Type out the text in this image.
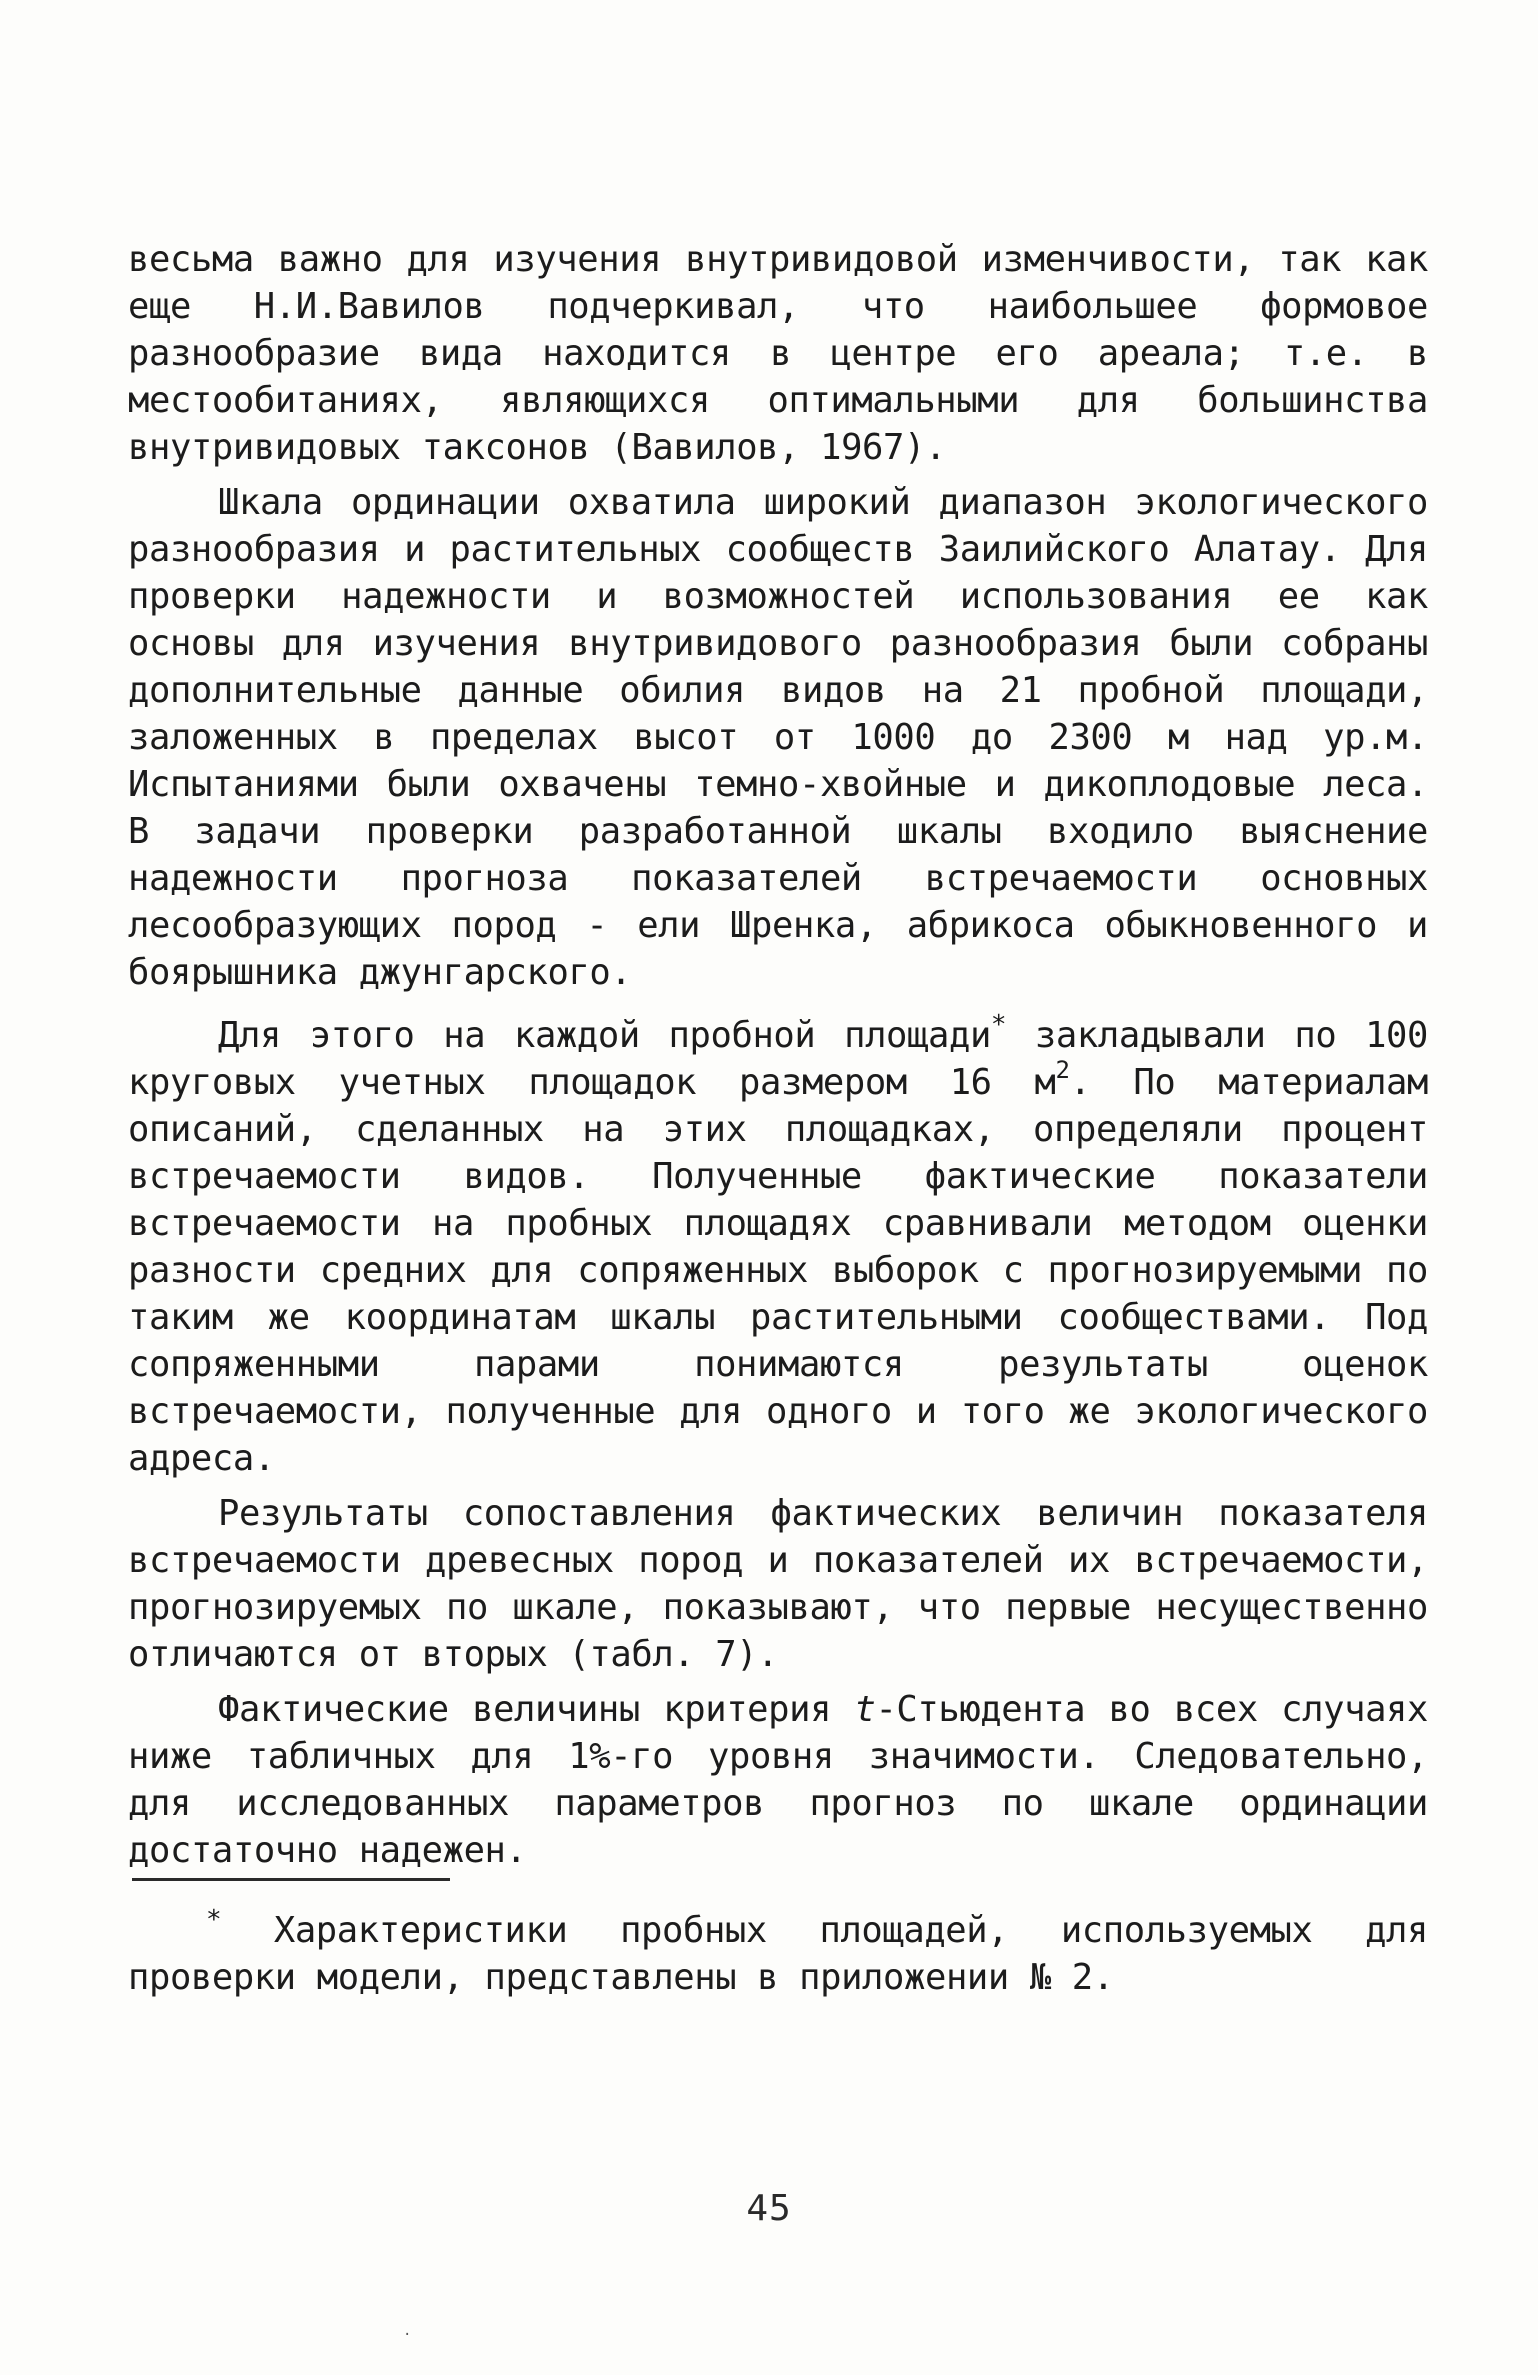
весьма важно для изучения внутривидовой изменчивости, так как еще Н.И.Вавилов подчеркивал, что наибольшее формовое разнообразие вида находится в центре его ареала; т.е. в местообитаниях, являющихся оптимальными для большинства внутривидовых таксонов (Вавилов, 1967).

Шкала ординации охватила широкий диапазон экологического разнообразия и растительных сообществ Заилийского Алатау. Для проверки надежности и возможностей использования ее как основы для изучения внутривидового разнообразия были собраны дополнительные данные обилия видов на 21 пробной площади, заложенных в пределах высот от 1000 до 2300 м над ур.м. Испытаниями были охвачены темно-хвойные и дикоплодовые леса. В задачи проверки разработанной шкалы входило выяснение надежности прогноза показателей встречаемости основных лесообразующих пород - ели Шренка, абрикоса обыкновенного и боярышника джунгарского.

Для этого на каждой пробной площади* закладывали по 100 круговых учетных площадок размером 16 $м^2$. По материалам описаний, сделанных на этих площадках, определяли процент встречаемости видов. Полученные фактические показатели встречаемости на пробных площадях сравнивали методом оценки разности средних для сопряженных выборок с прогнозируемыми по таким же координатам шкалы растительными сообществами. Под сопряженными парами понимаются результаты оценок встречаемости, полученные для одного и того же экологического адреса.

Результаты сопоставления фактических величин показателя встречаемости древесных пород и показателей их встречаемости, прогнозируемых по шкале, показывают, что первые несущественно отличаются от вторых (табл. 7).

Фактические величины критерия t-Стьюдента во всех случаях ниже табличных для 1%-го уровня значимости. Следовательно, для исследованных параметров прогноз по шкале ординации достаточно надежен.

* Характеристики пробных площадей, используемых для проверки модели, представлены в приложении № 2.

45
·
